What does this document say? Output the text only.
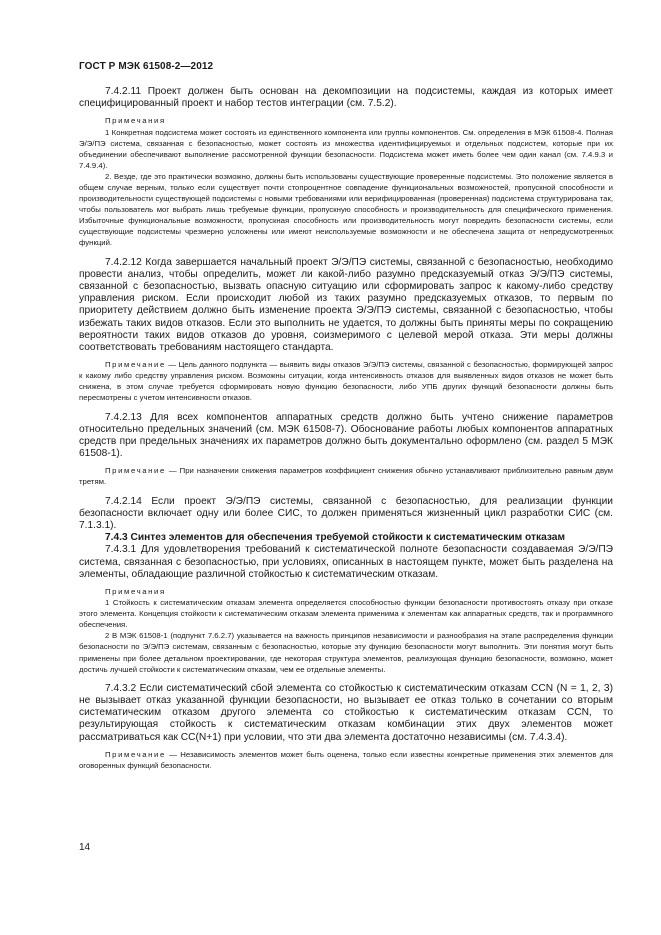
ГОСТ Р МЭК 61508-2—2012

7.4.2.11 Проект должен быть основан на декомпозиции на подсистемы, каждая из которых имеет специфицированный проект и набор тестов интеграции (см. 7.5.2).

Примечания

1 Конкретная подсистема может состоять из единственного компонента или группы компонентов. См. определения в МЭК 61508-4. Полная Э/Э/ПЭ система, связанная с безопасностью, может состоять из множества идентифицируемых и отдельных подсистем, которые при их объединении обеспечивают выполнение рассмотренной функции безопасности. Подсистема может иметь более чем один канал (см. 7.4.9.3 и 7.4.9.4).

2. Везде, где это практически возможно, должны быть использованы существующие проверенные подсистемы. Это положение является в общем случае верным, только если существует почти стопроцентное совпадение функциональных возможностей, пропускной способности и производительности существующей подсистемы с новыми требованиями или верифицированная (проверенная) подсистема структурирована так, чтобы пользователь мог выбрать лишь требуемые функции, пропускную способность и производительность для специфического применения. Избыточные функциональные возможности, пропускная способность или производительность могут повредить безопасности системы, если существующие подсистемы чрезмерно усложнены или имеют неиспользуемые возможности и не обеспечена защита от непредусмотренных функций.

7.4.2.12 Когда завершается начальный проект Э/Э/ПЭ системы, связанной с безопасностью, необходимо провести анализ, чтобы определить, может ли какой-либо разумно предсказуемый отказ Э/Э/ПЭ системы, связанной с безопасностью, вызвать опасную ситуацию или сформировать запрос к какому-либо средству управления риском. Если происходит любой из таких разумно предсказуемых отказов, то первым по приоритету действием должно быть изменение проекта Э/Э/ПЭ системы, связанной с безопасностью, чтобы избежать таких видов отказов. Если это выполнить не удается, то должны быть приняты меры по сокращению вероятности таких видов отказов до уровня, соизмеримого с целевой мерой отказа. Эти меры должны соответствовать требованиям настоящего стандарта.

Примечание — Цель данного подпункта — выявить виды отказов Э/Э/ПЭ системы, связанной с безопасностью, формирующей запрос к какому либо средству управления риском. Возможны ситуации, когда интенсивность отказов для выявленных видов отказов не может быть снижена, в этом случае требуется сформировать новую функцию безопасности, либо УПБ других функций безопасности должны быть пересмотрены с учетом интенсивности отказов.

7.4.2.13 Для всех компонентов аппаратных средств должно быть учтено снижение параметров относительно предельных значений (см. МЭК 61508-7). Обоснование работы любых компонентов аппаратных средств при предельных значениях их параметров должно быть документально оформлено (см. раздел 5 МЭК 61508-1).

Примечание — При назначении снижения параметров коэффициент снижения обычно устанавливают приблизительно равным двум третям.

7.4.2.14 Если проект Э/Э/ПЭ системы, связанной с безопасностью, для реализации функции безопасности включает одну или более СИС, то должен применяться жизненный цикл разработки СИС (см. 7.1.3.1).

7.4.3 Синтез элементов для обеспечения требуемой стойкости к систематическим отказам

7.4.3.1 Для удовлетворения требований к систематической полноте безопасности создаваемая Э/Э/ПЭ система, связанная с безопасностью, при условиях, описанных в настоящем пункте, может быть разделена на элементы, обладающие различной стойкостью к систематическим отказам.

Примечания

1 Стойкость к систематическим отказам элемента определяется способностью функции безопасности противостоять отказу при отказе этого элемента. Концепция стойкости к систематическим отказам элемента применима к элементам как аппаратных средств, так и программного обеспечения.

2 В МЭК 61508-1 (подпункт 7.6.2.7) указывается на важность принципов независимости и разнообразия на этапе распределения функции безопасности по Э/Э/ПЭ системам, связанным с безопасностью, которые эту функцию безопасности могут выполнить. Эти понятия могут быть применены при более детальном проектировании, где некоторая структура элементов, реализующая функцию безопасности, возможно, может достичь лучшей стойкости к систематическим отказам, чем ее отдельные элементы.

7.4.3.2 Если систематический сбой элемента со стойкостью к систематическим отказам CCN (N = 1, 2, 3) не вызывает отказ указанной функции безопасности, но вызывает ее отказ только в сочетании со вторым систематическим отказом другого элемента со стойкостью к систематическим отказам CCN, то результирующая стойкость к систематическим отказам комбинации этих двух элементов может рассматриваться как CC(N+1) при условии, что эти два элемента достаточно независимы (см. 7.4.3.4).

Примечание — Независимость элементов может быть оценена, только если известны конкретные применения этих элементов для оговоренных функций безопасности.

14
